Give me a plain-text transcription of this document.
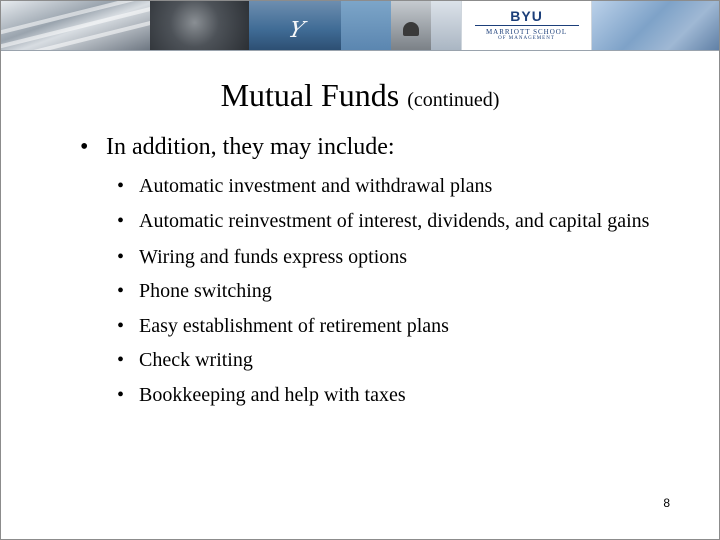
Y
BYU
MARRIOTT SCHOOL
OF MANAGEMENT
Mutual Funds (continued)
• In addition, they may include:
• Automatic investment and withdrawal plans
• Automatic reinvestment of interest, dividends, and capital gains
• Wiring and funds express options
• Phone switching
• Easy establishment of retirement plans
• Check writing
• Bookkeeping and help with taxes
8
